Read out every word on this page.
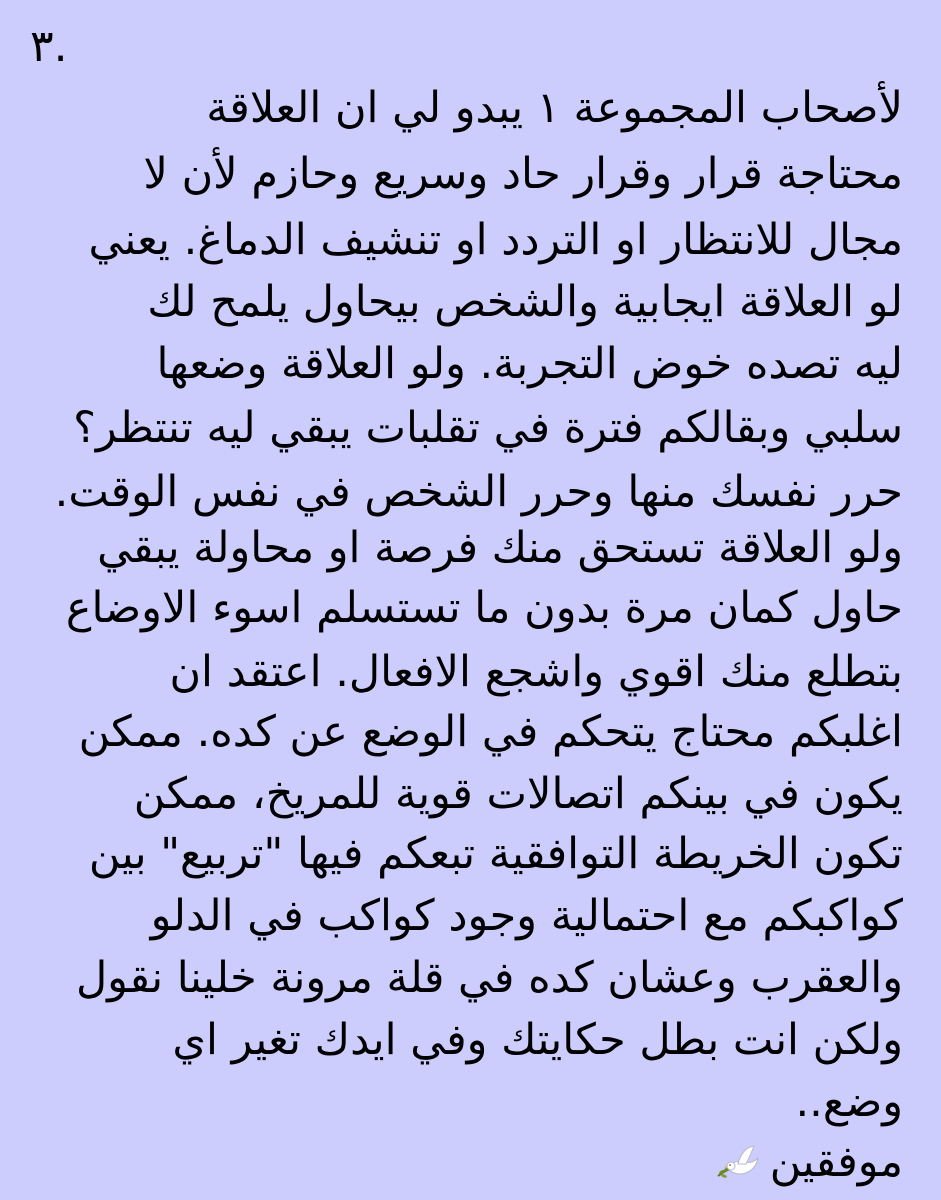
٣.
لأصحاب المجموعة ١ يبدو لي ان العلاقة
محتاجة قرار وقرار حاد وسريع وحازم لأن لا
مجال للانتظار او التردد او تنشيف الدماغ. يعني
لو العلاقة ايجابية والشخص بيحاول يلمح لك
ليه تصده خوض التجربة. ولو العلاقة وضعها
سلبي وبقالكم فترة في تقلبات يبقي ليه تنتظر؟
حرر نفسك منها وحرر الشخص في نفس الوقت.
ولو العلاقة تستحق منك فرصة او محاولة يبقي
حاول كمان مرة بدون ما تستسلم اسوء الاوضاع
بتطلع منك اقوي واشجع الافعال. اعتقد ان
اغلبكم محتاج يتحكم في الوضع عن كده. ممكن
يكون في بينكم اتصالات قوية للمريخ، ممكن
تكون الخريطة التوافقية تبعكم فيها "تربيع" بين
كواكبكم مع احتمالية وجود كواكب في الدلو
والعقرب وعشان كده في قلة مرونة خلينا نقول
ولكن انت بطل حكايتك وفي ايدك تغير اي
وضع..
موفقين
